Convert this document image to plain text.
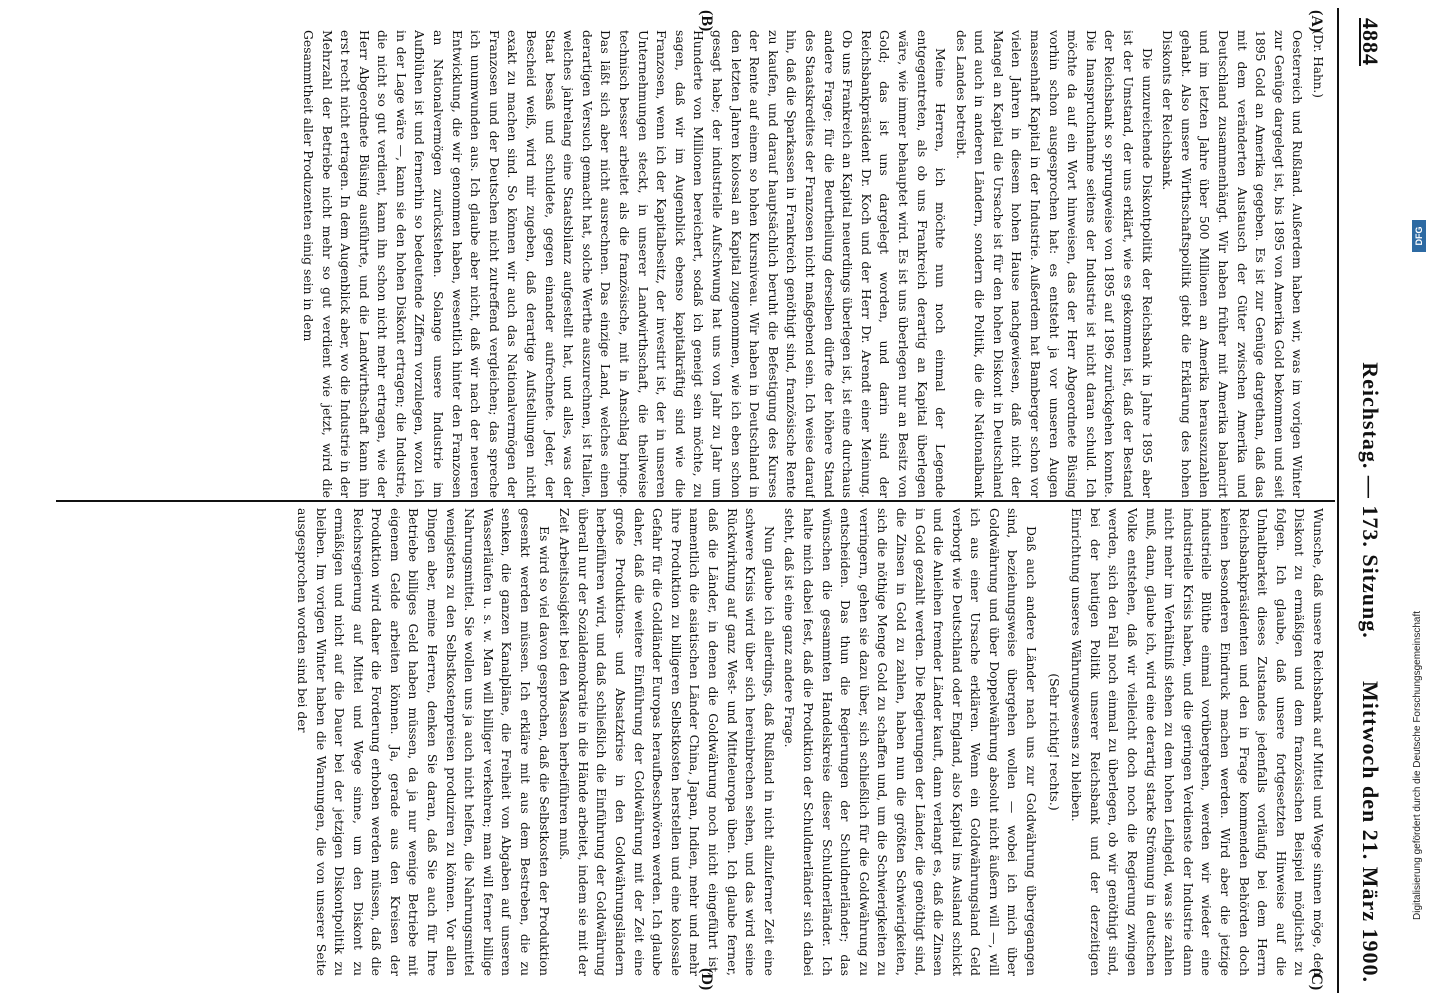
4884
Reichstag. — 173. Sitzung.
Mittwoch den 21. März 1900.
(A)
(B)
(C)
(D)

(Dr. Hahn.)

Oesterreich und Rußland. Außerdem haben wir, was im vorigen Winter zur Genüge dargelegt ist, bis 1895 von Amerika Gold bekommen und seit 1895 Gold an Amerika gegeben. Es ist zur Genüge dargethan, daß das mit dem veränderten Austausch der Güter zwischen Amerika und Deutschland zusammenhängt. Wir haben früher mit Amerika balancirt und im letzten Jahre über 500 Millionen an Amerika herauszuzahlen gehabt. Also unsere Wirthschaftspolitik giebt die Erklärung des hohen Diskonts der Reichsbank.

Die unzureichende Diskontpolitik der Reichsbank in Jahre 1895 aber ist der Umstand, der uns erklärt, wie es gekommen ist, daß der Bestand der Reichsbank so sprungweise von 1895 auf 1896 zurückgehen konnte. Die Inanspruchnahme seitens der Industrie ist nicht daran schuld. Ich möchte da auf ein Wort hinweisen, das der Herr Abgeordnete Büsing vorhin schon ausgesprochen hat: es entsteht ja vor unseren Augen massenhaft Kapital in der Industrie. Außerdem hat Bamberger schon vor vielen Jahren in diesem hohen Hause nachgewiesen, daß nicht der Mangel an Kapital die Ursache ist für den hohen Diskont in Deutschland und auch in anderen Ländern, sondern die Politik, die die Nationalbank des Landes betreibt.

Meine Herren, ich möchte nun noch einmal der Legende entgegentreten, als ob uns Frankreich derartig an Kapital überlegen wäre, wie immer behauptet wird. Es ist uns überlegen nur an Besitz von Gold; das ist uns dargelegt worden, und darin sind der Reichsbankpräsident Dr. Koch und der Herr Dr. Arendt einer Meinung. Ob uns Frankreich an Kapital neuerdings überlegen ist, ist eine durchaus andere Frage; für die Beurtheilung derselben dürfte der höhere Stand des Staatskredites der Franzosen nicht maßgebend sein. Ich weise darauf hin, daß die Sparkassen in Frankreich genöthigt sind, französische Rente zu kaufen, und darauf hauptsächlich beruht die Befestigung des Kurses der Rente auf einem so hohen Kursniveau. Wir haben in Deutschland in den letzten Jahren kolossal an Kapital zugenommen, wie ich eben schon gesagt habe; der industrielle Aufschwung hat uns von Jahr zu Jahr um Hunderte von Millionen bereichert, sodaß ich geneigt sein möchte, zu sagen, daß wir im Augenblick ebenso kapitalkräftig sind wie die Franzosen, wenn ich der Kapitalbesitz, der investirt ist, der in unseren Unternehmungen steckt, in unserer Landwirthschaft, die theilweise technisch besser arbeitet als die französische, mit in Anschlag bringe. Das läßt sich aber nicht ausrechnen. Das einzige Land, welches einen derartigen Versuch gemacht hat, solche Werthe auszurechnen, ist Italien, welches jahrelang eine Staatsbilanz aufgestellt hat, und alles, was der Staat besaß und schuldete, gegen einander aufrechnete. Jeder, der Bescheid weiß, wird mir zugeben, daß derartige Aufstellungen nicht exakt zu machen sind. So können wir auch das Nationalvermögen der Franzosen und der Deutschen nicht zutreffend vergleichen; das spreche ich unumwunden aus. Ich glaube aber nicht, daß wir nach der neueren Entwicklung, die wir genommen haben, wesentlich hinter den Franzosen an Nationalvermögen zurückstehen. Solange unsere Industrie im Aufblühen ist und fernerhin so bedeutende Ziffern vorzulegen, wozu ich in der Lage wäre —, kann sie den hohen Diskont ertragen; die Industrie, die nicht so gut verdient, kann ihn schon nicht mehr ertragen, wie der Herr Abgeordnete Büsing ausführte, und die Landwirthschaft kann ihn erst recht nicht ertragen. In dem Augenblick aber, wo die Industrie in der Mehrzahl der Betriebe nicht mehr so gut verdient wie jetzt, wird die Gesammtheit aller Produzenten einig sein in dem

Wunsche, daß unsere Reichsbank auf Mittel und Wege sinnen möge, den Diskont zu ermäßigen und dem französischen Beispiel möglichst zu folgen. Ich glaube, daß unsere fortgesetzten Hinweise auf die Unhaltbarkeit dieses Zustandes jedenfalls vorläufig bei dem Herrn Reichsbankpräsidenten und den in Frage kommenden Behörden doch keinen besonderen Eindruck machen werden. Wird aber die jetzige industrielle Blüthe einmal vorübergehen, werden wir wieder eine industrielle Krisis haben, und die geringen Verdienste der Industrie dann nicht mehr im Verhältniß stehen zu dem hohen Leihgeld, was sie zahlen muß, dann, glaube ich, wird eine derartig starke Strömung in deutschen Volke entstehen, daß wir vielleicht doch noch die Regierung zwingen werden, sich den Fall noch einmal zu überlegen, ob wir genöthigt sind, bei der heutigen Politik unserer Reichsbank und der derzeitigen Einrichtung unseres Währungswesens zu bleiben.

(Sehr richtig! rechts.)

Daß auch andere Länder nach uns zur Goldwährung übergegangen sind, beziehungsweise übergehen wollen — wobei ich mich über Goldwährung und über Doppelwährung absolut nicht äußern will —, will ich aus einer Ursache erklären. Wenn ein Goldwährungsland Geld verborgt wie Deutschland oder England, also Kapital ins Ausland schickt und die Anleihen fremder Länder kauft, dann verlangt es, daß die Zinsen in Gold gezahlt werden. Die Regierungen der Länder, die genöthigt sind, die Zinsen in Gold zu zahlen, haben nun die größten Schwierigkeiten, sich die nöthige Menge Gold zu schaffen und, um die Schwierigkeiten zu verringern, gehen sie dazu über, sich schließlich für die Goldwährung zu entscheiden. Das thun die Regierungen der Schuldnerländer; das wünschen die gesammten Handelskreise dieser Schuldnerländer. Ich halte mich dabei fest, daß die Produktion der Schuldnerländer sich dabei steht, daß ist eine ganz andere Frage.

Nun glaube ich allerdings, daß Rußland in nicht allzuferner Zeit eine schwere Krisis wird über sich hereinbrechen sehen, und das wird seine Rückwirkung auf ganz West- und Mitteleuropa üben. Ich glaube ferner, daß die Länder, in denen die Goldwährung noch nicht eingeführt ist, namentlich die asiatischen Länder China, Japan, Indien, mehr und mehr ihre Produktion zu billigeren Selbstkosten herstellen und eine kolossale Gefahr für die Goldländer Europas heraufbeschwören werden. Ich glaube daher, daß die weitere Einführung der Goldwährung mit der Zeit eine große Produktions- und Absatzkrise in den Goldwährungsländern herbeiführen wird, und daß schließlich die Einführung der Goldwährung überall nur der Sozialdemokratie in die Hände arbeitet, indem sie mit der Zeit Arbeitslosigkeit bei den Massen herbeiführen muß.

Es wird so viel davon gesprochen, daß die Selbstkosten der Produktion gesenkt werden müssen. Ich erkläre mit aus dem Bestreben, die zu senken, die ganzen Kanalpläne, die Freiheit von Abgaben auf unseren Wasserläufen u. s. w. Man will billiger verkehren; man will ferner billige Nahrungsmittel. Sie wollen uns ja auch nicht helfen, die Nahrungsmittel wenigstens zu den Selbstkostenpreisen produziren zu können. Vor allen Dingen aber, meine Herren, denken Sie daran, daß Sie auch für Ihre Betriebe billiges Geld haben müssen, da ja nur wenige Betriebe mit eigenem Gelde arbeiten können. Ja, gerade aus den Kreisen der Produktion wird daher die Forderung erhoben werden müssen, daß die Reichsregierung auf Mittel und Wege sinne, um den Diskont zu ermäßigen und nicht auf die Dauer bei der jetzigen Diskontpolitik zu bleiben. Im vorigen Winter haben die Warnungen, die von unserer Seite ausgesprochen worden sind bei der

DFG
Digitalisierung gefördert durch die Deutsche Forschungsgemeinschaft
